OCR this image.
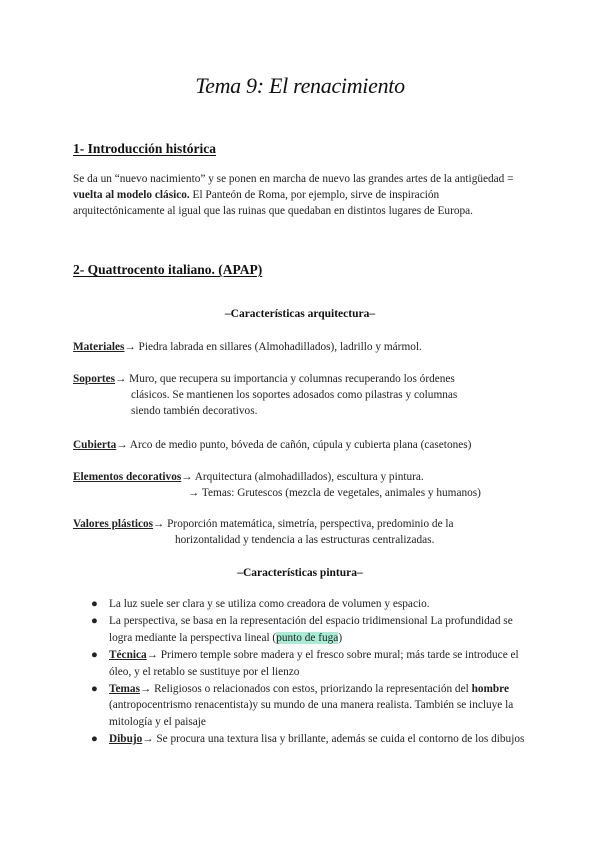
Tema 9: El renacimiento
1- Introducción histórica
Se da un “nuevo nacimiento” y se ponen en marcha de nuevo las grandes artes de la antigüedad = vuelta al modelo clásico. El Panteón de Roma, por ejemplo, sirve de inspiración arquitectónicamente al igual que las ruinas que quedaban en distintos lugares de Europa.
2- Quattrocento italiano. (APAP)
–Características arquitectura–
Materiales→ Piedra labrada en sillares (Almohadillados), ladrillo y mármol.
Soportes→ Muro, que recupera su importancia y columnas recuperando los órdenes
clásicos. Se mantienen los soportes adosados como pilastras y columnas
siendo también decorativos.
Cubierta→ Arco de medio punto, bóveda de cañón, cúpula y cubierta plana (casetones)
Elementos decorativos→ Arquitectura (almohadillados), escultura y pintura.
→ Temas: Grutescos (mezcla de vegetales, animales y humanos)
Valores plásticos→ Proporción matemática, simetría, perspectiva, predominio de la
horizontalidad y tendencia a las estructuras centralizadas.
–Características pintura–
● La luz suele ser clara y se utiliza como creadora de volumen y espacio.
● La perspectiva, se basa en la representación del espacio tridimensional La profundidad se logra mediante la perspectiva lineal (punto de fuga)
● Técnica→ Primero temple sobre madera y el fresco sobre mural; más tarde se introduce el óleo, y el retablo se sustituye por el lienzo
● Temas→ Religiosos o relacionados con estos, priorizando la representación del hombre (antropocentrismo renacentista)y su mundo de una manera realista. También se incluye la mitología y el paisaje
● Dibujo→ Se procura una textura lisa y brillante, además se cuida el contorno de los dibujos
